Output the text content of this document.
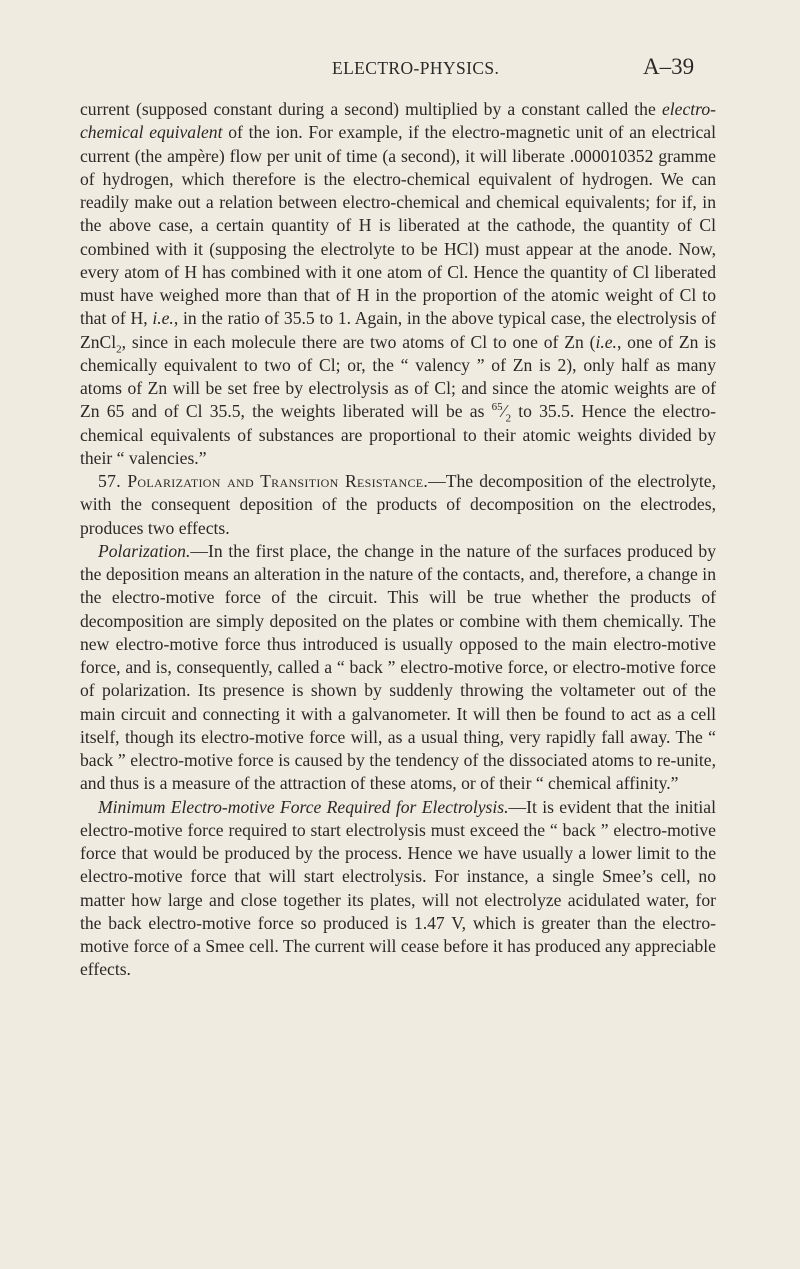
ELECTRO-PHYSICS.	A–39

current (supposed constant during a second) multiplied by a constant called the electro-chemical equivalent of the ion. For example, if the electro-magnetic unit of an electrical current (the ampère) flow per unit of time (a second), it will liberate .000010352 gramme of hydrogen, which therefore is the electro-chemical equivalent of hydrogen. We can readily make out a relation between electro-chemical and chemical equivalents; for if, in the above case, a certain quantity of H is liberated at the cathode, the quantity of Cl combined with it (supposing the electrolyte to be HCl) must appear at the anode. Now, every atom of H has combined with it one atom of Cl. Hence the quantity of Cl liberated must have weighed more than that of H in the proportion of the atomic weight of Cl to that of H, i.e., in the ratio of 35.5 to 1. Again, in the above typical case, the electrolysis of ZnCl$_2$, since in each molecule there are two atoms of Cl to one of Zn (i.e., one of Zn is chemically equivalent to two of Cl; or, the “ valency ” of Zn is 2), only half as many atoms of Zn will be set free by electrolysis as of Cl; and since the atomic weights are of Zn 65 and of Cl 35.5, the weights liberated will be as $^{65}⁄_2$ to 35.5. Hence the electro-chemical equivalents of substances are proportional to their atomic weights divided by their “ valencies.”

57. Polarization and Transition Resistance.—The decomposition of the electrolyte, with the consequent deposition of the products of decomposition on the electrodes, produces two effects.

Polarization.—In the first place, the change in the nature of the surfaces produced by the deposition means an alteration in the nature of the contacts, and, therefore, a change in the electro-motive force of the circuit. This will be true whether the products of decomposition are simply deposited on the plates or combine with them chemically. The new electro-motive force thus introduced is usually opposed to the main electro-motive force, and is, consequently, called a “ back ” electro-motive force, or electro-motive force of polarization. Its presence is shown by suddenly throwing the voltameter out of the main circuit and connecting it with a galvanometer. It will then be found to act as a cell itself, though its electro-motive force will, as a usual thing, very rapidly fall away. The “ back ” electro-motive force is caused by the tendency of the dissociated atoms to re-unite, and thus is a measure of the attraction of these atoms, or of their “ chemical affinity.”

Minimum Electro-motive Force Required for Electrolysis.—It is evident that the initial electro-motive force required to start electrolysis must exceed the “ back ” electro-motive force that would be produced by the process. Hence we have usually a lower limit to the electro-motive force that will start electrolysis. For instance, a single Smee’s cell, no matter how large and close together its plates, will not electrolyze acidulated water, for the back electro-motive force so produced is 1.47 V, which is greater than the electro-motive force of a Smee cell. The current will cease before it has produced any appreciable effects.
